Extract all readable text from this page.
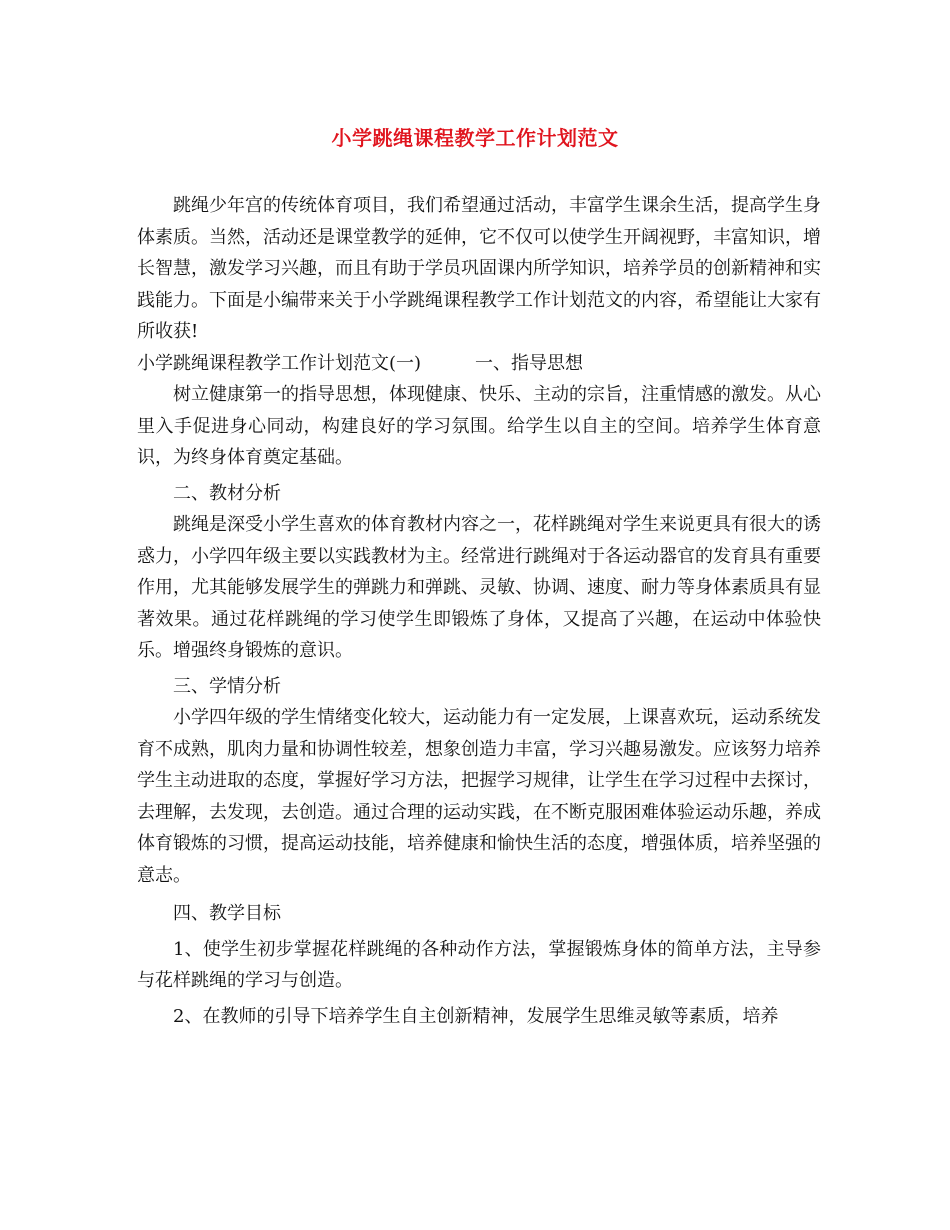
小学跳绳课程教学工作计划范文

跳绳少年宫的传统体育项目，我们希望通过活动，丰富学生课余生活，提高学生身体素质。当然，活动还是课堂教学的延伸，它不仅可以使学生开阔视野，丰富知识，增长智慧，激发学习兴趣，而且有助于学员巩固课内所学知识，培养学员的创新精神和实践能力。下面是小编带来关于小学跳绳课程教学工作计划范文的内容，希望能让大家有所收获!

小学跳绳课程教学工作计划范文(一)	一、指导思想

树立健康第一的指导思想，体现健康、快乐、主动的宗旨，注重情感的激发。从心里入手促进身心同动，构建良好的学习氛围。给学生以自主的空间。培养学生体育意识，为终身体育奠定基础。

二、教材分析

跳绳是深受小学生喜欢的体育教材内容之一，花样跳绳对学生来说更具有很大的诱惑力，小学四年级主要以实践教材为主。经常进行跳绳对于各运动器官的发育具有重要作用，尤其能够发展学生的弹跳力和弹跳、灵敏、协调、速度、耐力等身体素质具有显著效果。通过花样跳绳的学习使学生即锻炼了身体，又提高了兴趣，在运动中体验快乐。增强终身锻炼的意识。

三、学情分析

小学四年级的学生情绪变化较大，运动能力有一定发展，上课喜欢玩，运动系统发育不成熟，肌肉力量和协调性较差，想象创造力丰富，学习兴趣易激发。应该努力培养学生主动进取的态度，掌握好学习方法，把握学习规律，让学生在学习过程中去探讨，去理解，去发现，去创造。通过合理的运动实践，在不断克服困难体验运动乐趣，养成体育锻炼的习惯，提高运动技能，培养健康和愉快生活的态度，增强体质，培养坚强的意志。

四、教学目标

1、使学生初步掌握花样跳绳的各种动作方法，掌握锻炼身体的简单方法，主导参与花样跳绳的学习与创造。

2、在教师的引导下培养学生自主创新精神，发展学生思维灵敏等素质，培养
